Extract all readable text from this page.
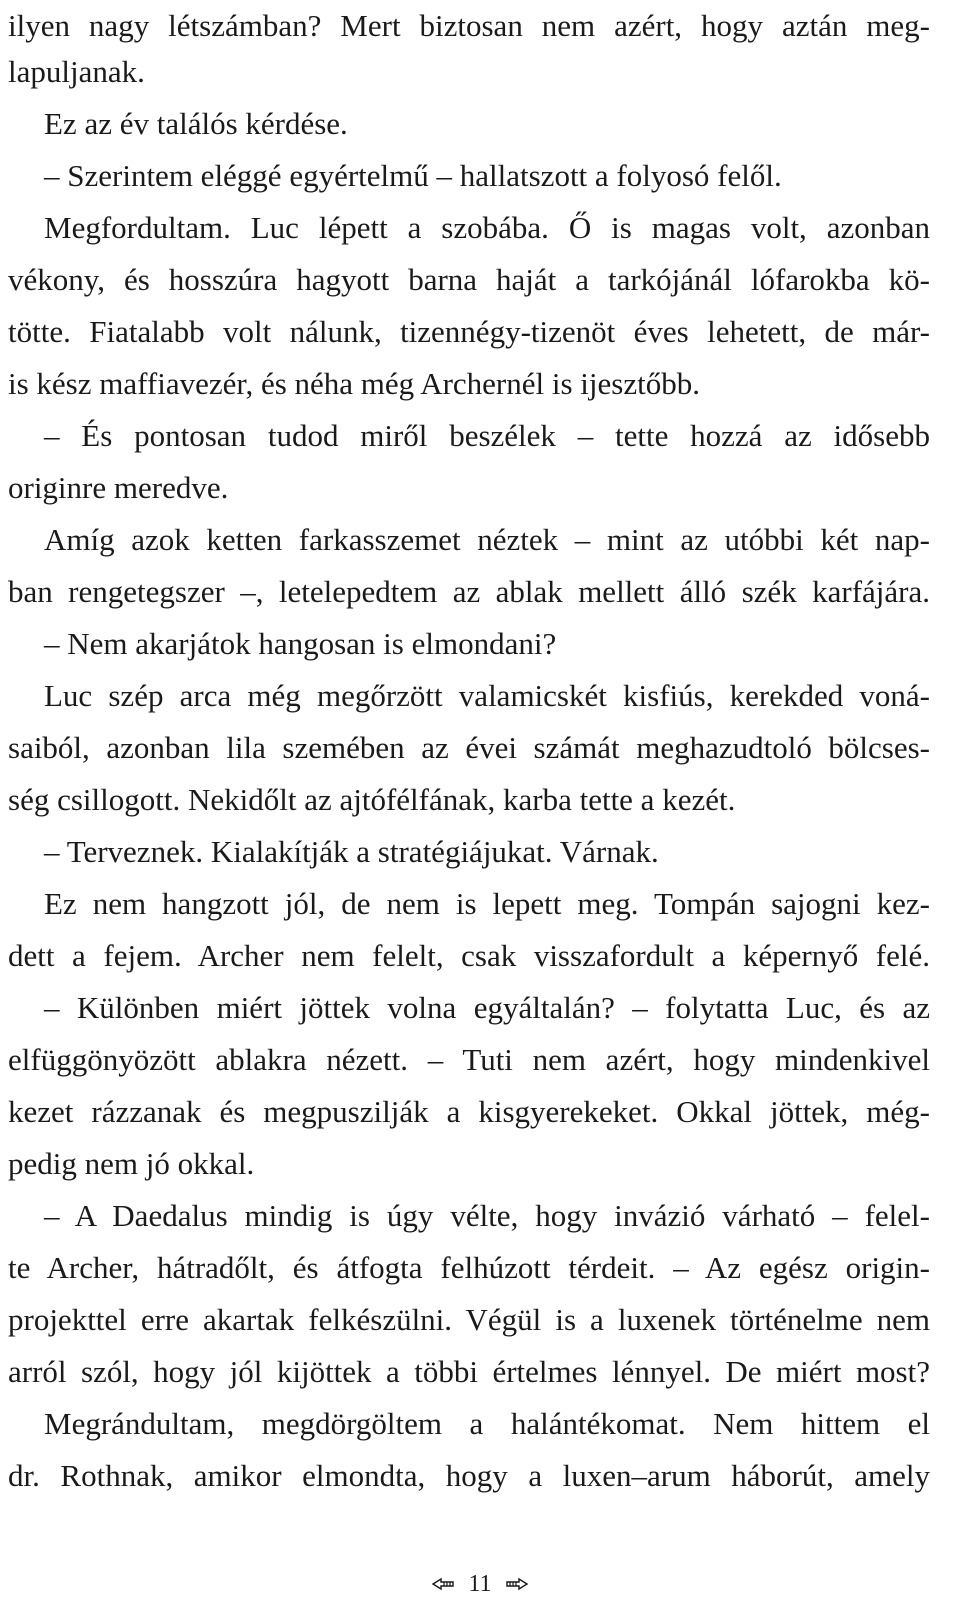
ilyen nagy létszámban? Mert biztosan nem azért, hogy aztán meg-
lapuljanak.
Ez az év találós kérdése.
– Szerintem eléggé egyértelmű – hallatszott a folyosó felől.
Megfordultam. Luc lépett a szobába. Ő is magas volt, azonban
vékony, és hosszúra hagyott barna haját a tarkójánál lófarokba kö-
tötte. Fiatalabb volt nálunk, tizennégy-tizenöt éves lehetett, de már-
is kész maffiavezér, és néha még Archernél is ijesztőbb.
– És pontosan tudod miről beszélek – tette hozzá az idősebb
originre meredve.
Amíg azok ketten farkasszemet néztek – mint az utóbbi két nap-
ban rengetegszer –, letelepedtem az ablak mellett álló szék karfájára.
– Nem akarjátok hangosan is elmondani?
Luc szép arca még megőrzött valamicskét kisfiús, kerekded voná-
saiból, azonban lila szemében az évei számát meghazudtoló bölcses-
ség csillogott. Nekidőlt az ajtófélfának, karba tette a kezét.
– Terveznek. Kialakítják a stratégiájukat. Várnak.
Ez nem hangzott jól, de nem is lepett meg. Tompán sajogni kez-
dett a fejem. Archer nem felelt, csak visszafordult a képernyő felé.
– Különben miért jöttek volna egyáltalán? – folytatta Luc, és az
elfüggönyözött ablakra nézett. – Tuti nem azért, hogy mindenkivel
kezet rázzanak és megpuszilják a kisgyerekeket. Okkal jöttek, még-
pedig nem jó okkal.
– A Daedalus mindig is úgy vélte, hogy invázió várható – felel-
te Archer, hátradőlt, és átfogta felhúzott térdeit. – Az egész origin-
projekttel erre akartak felkészülni. Végül is a luxenek történelme nem
arról szól, hogy jól kijöttek a többi értelmes lénnyel. De miért most?
Megrándultam, megdörgöltem a halántékomat. Nem hittem el
dr. Rothnak, amikor elmondta, hogy a luxen–arum háborút, amely
11
